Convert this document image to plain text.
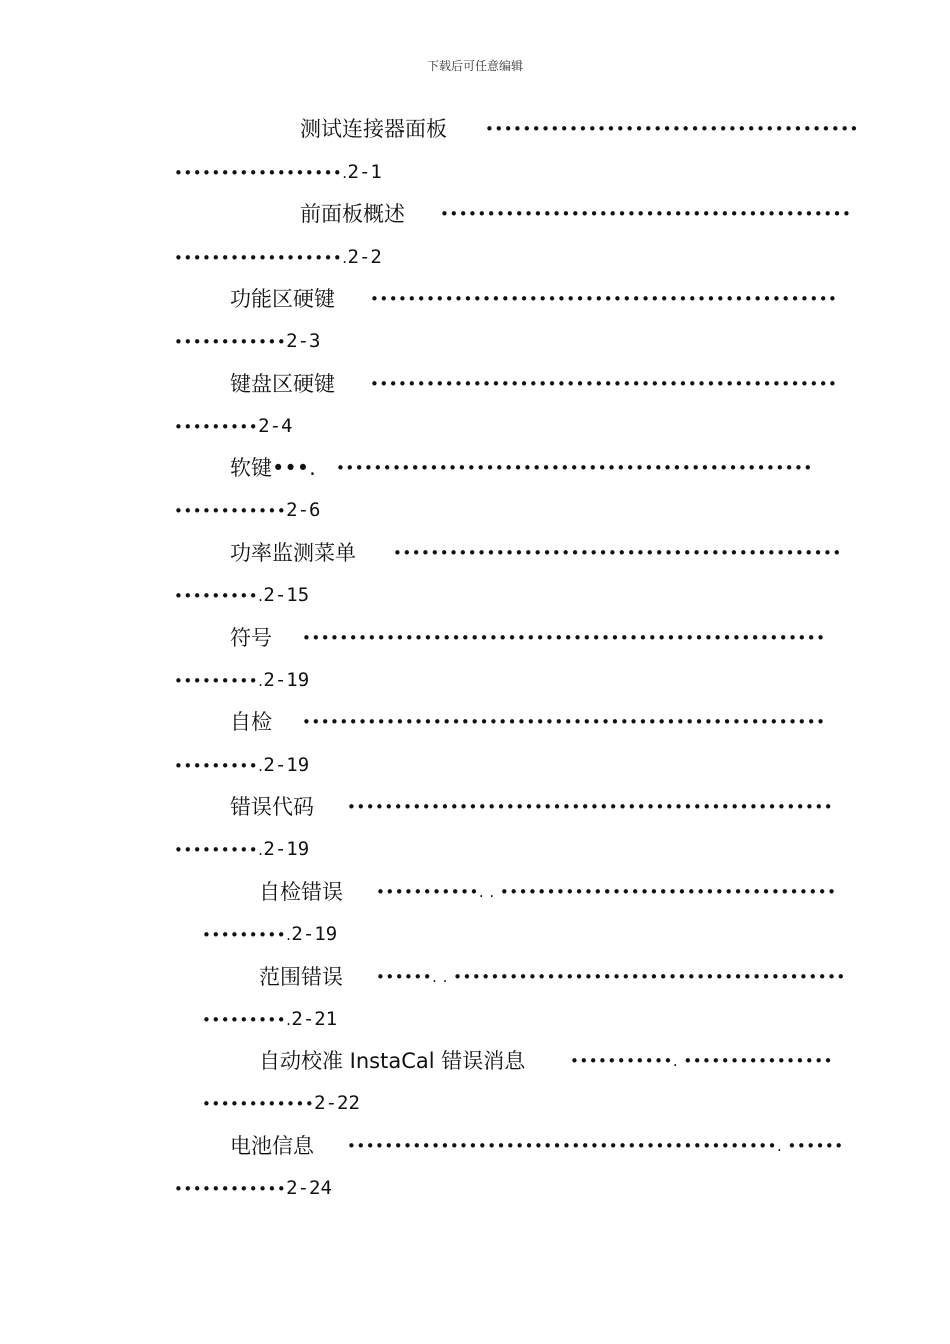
下载后可任意编辑
测试连接器面板	••••••••••••••••••••••••••••••••••••••••
••••••••••••••••••.2-1
前面板概述 ••••••••••••••••••••••••••••••••••••••••••••
••••••••••••••••••.2-2
功能区硬键 ••••••••••••••••••••••••••••••••••••••••••••••••••
••••••••••••2-3
键盘区硬键 ••••••••••••••••••••••••••••••••••••••••••••••••••
•••••••••2-4
软键•••. •••••••••••••••••••••••••••••••••••••••••••••••••••
••••••••••••2-6
功率监测菜单 ••••••••••••••••••••••••••••••••••••••••••••••••
•••••••••.2-15
符号 ••••••••••••••••••••••••••••••••••••••••••••••••••••••••
•••••••••.2-19
自检 ••••••••••••••••••••••••••••••••••••••••••••••••••••••••
•••••••••.2-19
错误代码 ••••••••••••••••••••••••••••••••••••••••••••••••••••
•••••••••.2-19
自检错误 •••••••••••. . ••••••••••••••••••••••••••••••••••••
•••••••••.2-19
范围错误 ••••••. . ••••••••••••••••••••••••••••••••••••••••••
•••••••••.2-21
自动校准 InstaCal 错误消息	•••••••••••. ••••••••••••••••
••••••••••••2-22
电池信息 ••••••••••••••••••••••••••••••••••••••••••••••. ••••••
••••••••••••2-24
